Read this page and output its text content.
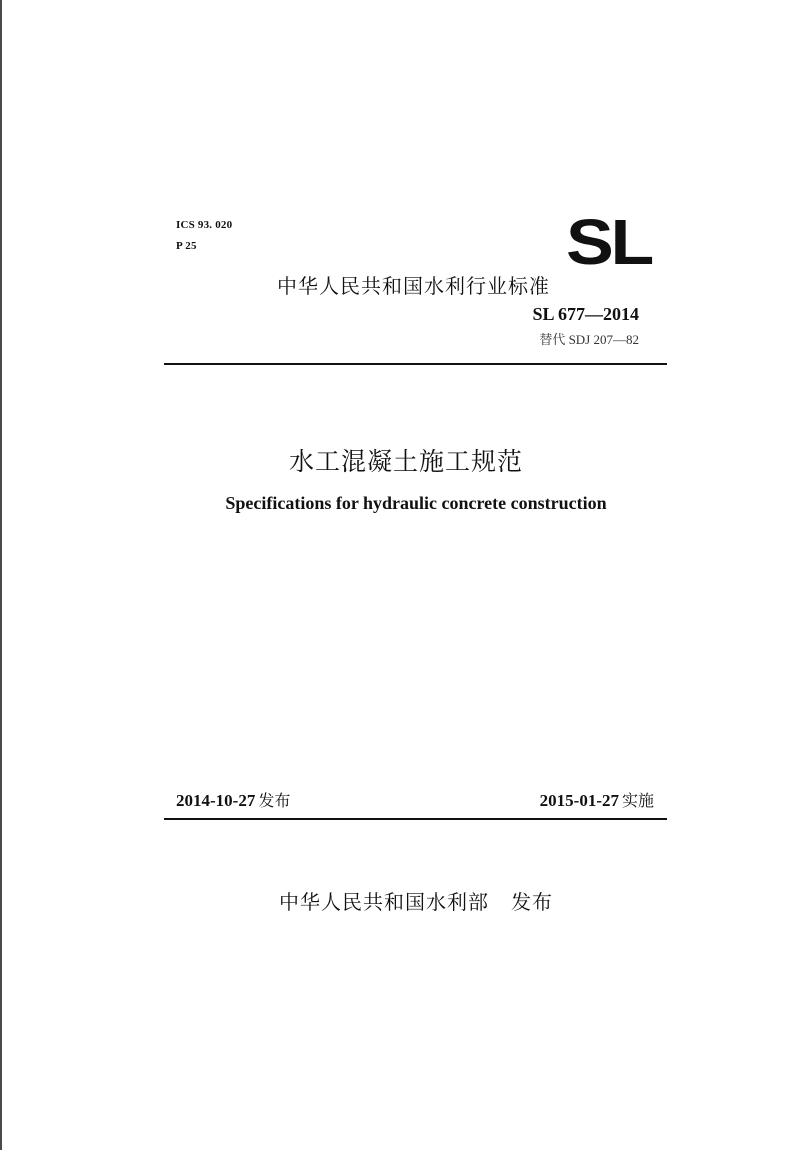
ICS 93. 020
P 25	SL
中华人民共和国水利行业标准
SL 677—2014
替代 SDJ 207—82
水工混凝土施工规范
Specifications for hydraulic concrete construction
2014-10-27 发布	2015-01-27 实施
中华人民共和国水利部 发布
